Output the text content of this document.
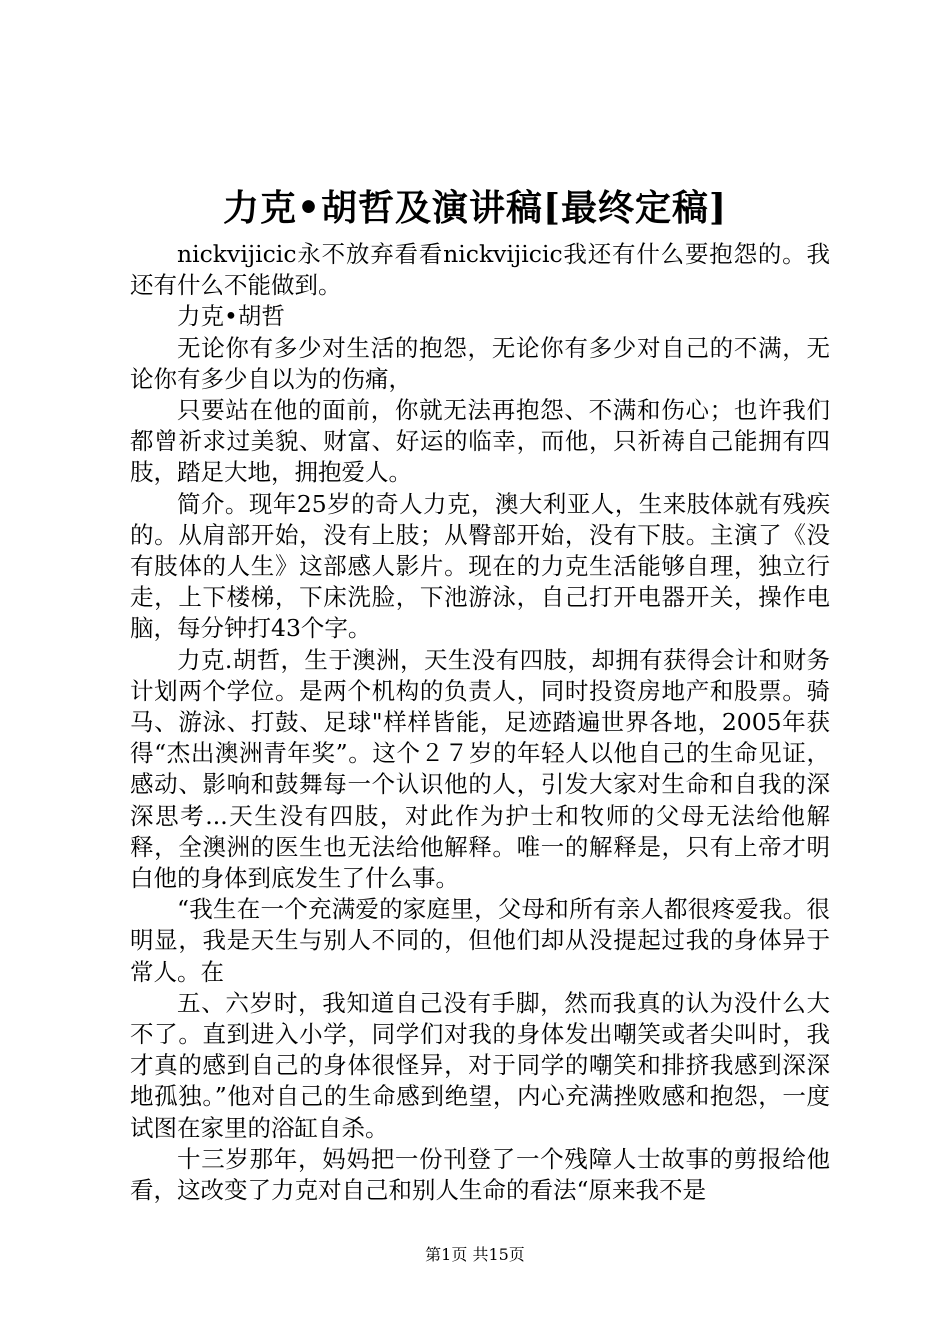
力克•胡哲及演讲稿[最终定稿]

nickvijicic永不放弃看看nickvijicic我还有什么要抱怨的。我还有什么不能做到。

力克•胡哲

无论你有多少对生活的抱怨，无论你有多少对自己的不满，无论你有多少自以为的伤痛，

只要站在他的面前，你就无法再抱怨、不满和伤心；也许我们都曾祈求过美貌、财富、好运的临幸，而他，只祈祷自己能拥有四肢，踏足大地，拥抱爱人。

简介。现年25岁的奇人力克，澳大利亚人，生来肢体就有残疾的。从肩部开始，没有上肢；从臀部开始，没有下肢。主演了《没有肢体的人生》这部感人影片。现在的力克生活能够自理，独立行走，上下楼梯，下床洗脸，下池游泳，自己打开电器开关，操作电脑，每分钟打43个字。

力克.胡哲，生于澳洲，天生没有四肢，却拥有获得会计和财务计划两个学位。是两个机构的负责人，同时投资房地产和股票。骑马、游泳、打鼓、足球"样样皆能，足迹踏遍世界各地，2005年获得“杰出澳洲青年奖”。这个２７岁的年轻人以他自己的生命见证，感动、影响和鼓舞每一个认识他的人，引发大家对生命和自我的深深思考...天生没有四肢，对此作为护士和牧师的父母无法给他解释，全澳洲的医生也无法给他解释。唯一的解释是，只有上帝才明白他的身体到底发生了什么事。

“我生在一个充满爱的家庭里，父母和所有亲人都很疼爱我。很明显，我是天生与别人不同的，但他们却从没提起过我的身体异于常人。在

五、六岁时，我知道自己没有手脚，然而我真的认为没什么大不了。直到进入小学，同学们对我的身体发出嘲笑或者尖叫时，我才真的感到自己的身体很怪异，对于同学的嘲笑和排挤我感到深深地孤独。”他对自己的生命感到绝望，内心充满挫败感和抱怨，一度试图在家里的浴缸自杀。

十三岁那年，妈妈把一份刊登了一个残障人士故事的剪报给他看，这改变了力克对自己和别人生命的看法“原来我不是

第1页 共15页
